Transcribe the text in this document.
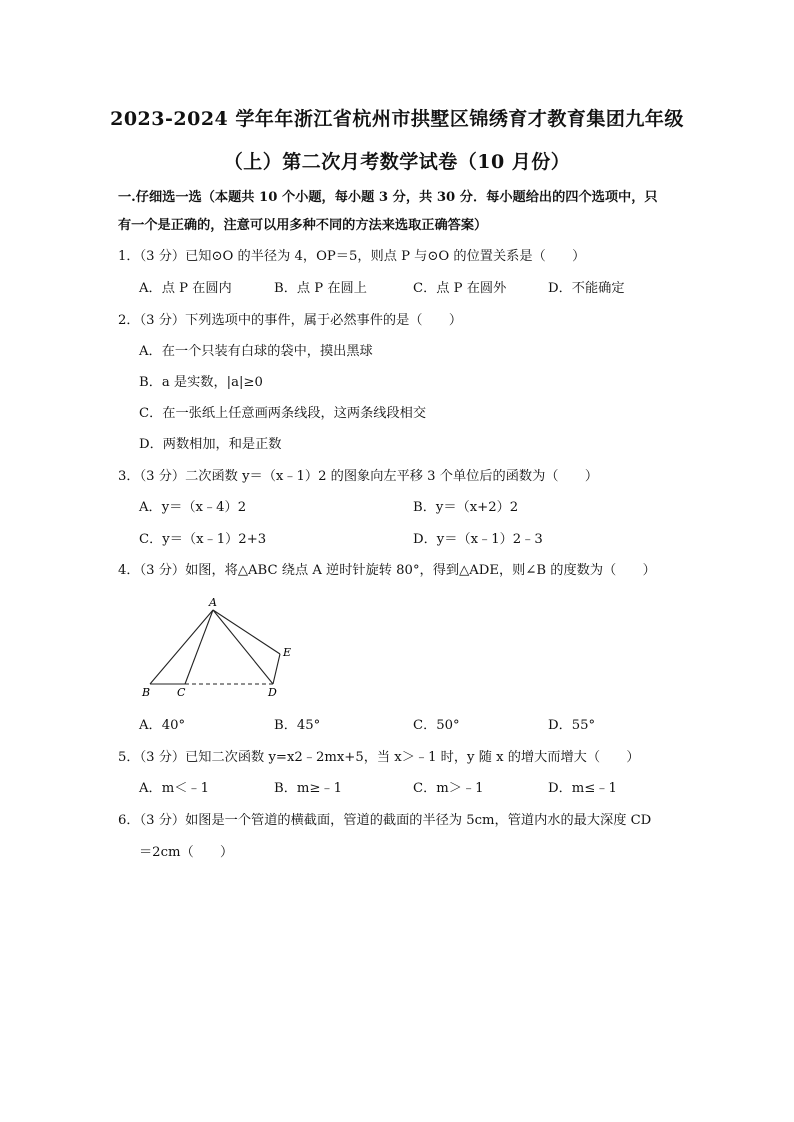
2023-2024 学年年浙江省杭州市拱墅区锦绣育才教育集团九年级
（上）第二次月考数学试卷（10 月份）
一.仔细选一选（本题共 10 个小题，每小题 3 分，共 30 分．每小题给出的四个选项中，只
有一个是正确的，注意可以用多种不同的方法来选取正确答案）
1．（3 分）已知⊙O 的半径为 4，OP＝5，则点 P 与⊙O 的位置关系是（　　）
A．点 P 在圆内	B．点 P 在圆上	C．点 P 在圆外	D．不能确定
2．（3 分）下列选项中的事件，属于必然事件的是（　　）
A．在一个只装有白球的袋中，摸出黑球
B．a 是实数，|a|≥0
C．在一张纸上任意画两条线段，这两条线段相交
D．两数相加，和是正数
3．（3 分）二次函数 y＝（x﹣1）2 的图象向左平移 3 个单位后的函数为（　　）
A．y＝（x﹣4）2	B．y＝（x+2）2
C．y＝（x﹣1）2+3	D．y＝（x﹣1）2﹣3
4．（3 分）如图，将△ABC 绕点 A 逆时针旋转 80°，得到△ADE，则∠B 的度数为（　　）
A
B C	D
E
A．40°	B．45°	C．50°	D．55°
5．（3 分）已知二次函数 y=x2﹣2mx+5，当 x＞﹣1 时，y 随 x 的增大而增大（　　）
A．m＜﹣1	B．m≥﹣1	C．m＞﹣1	D．m≤﹣1
6．（3 分）如图是一个管道的横截面，管道的截面的半径为 5cm，管道内水的最大深度 CD
＝2cm（　　）
